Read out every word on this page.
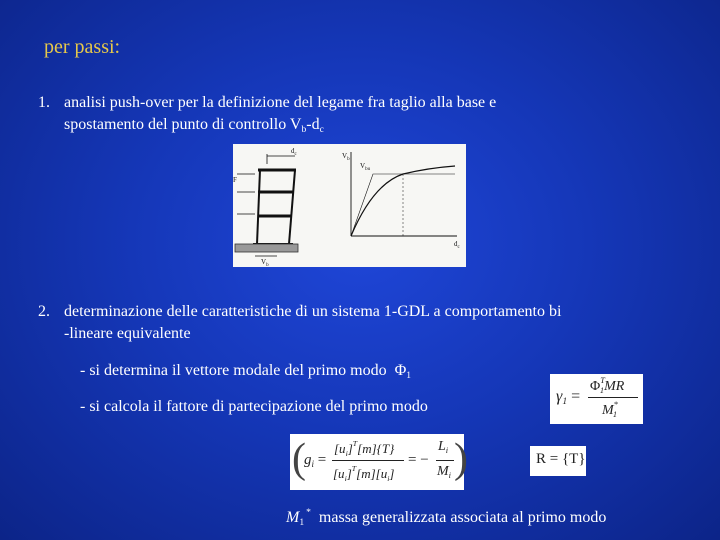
per passi:
1. analisi push-over per la definizione del legame fra taglio alla base e
spostamento del punto di controllo $V_b-d_c$
$d_c$
F
$V_b$
$V_b$
$V_{bu}$
$d_c$
2. determinazione delle caratteristiche di un sistema 1-GDL a comportamento bi
-lineare equivalente
- si determina il vettore modale del primo modo $\Phi_1$
- si calcola il fattore di partecipazione del primo modo
$\gamma_1$ =
$\Phi^T_1MR$
$M^*_1$
(
$g_i$ =
$[u_i]^T[m]\{T\}$
$[u_i]^T[m][u_i]$
= −
$L_i$
$M_i$ )	R = {T}
$M_1^*$ massa generalizzata associata al primo modo
